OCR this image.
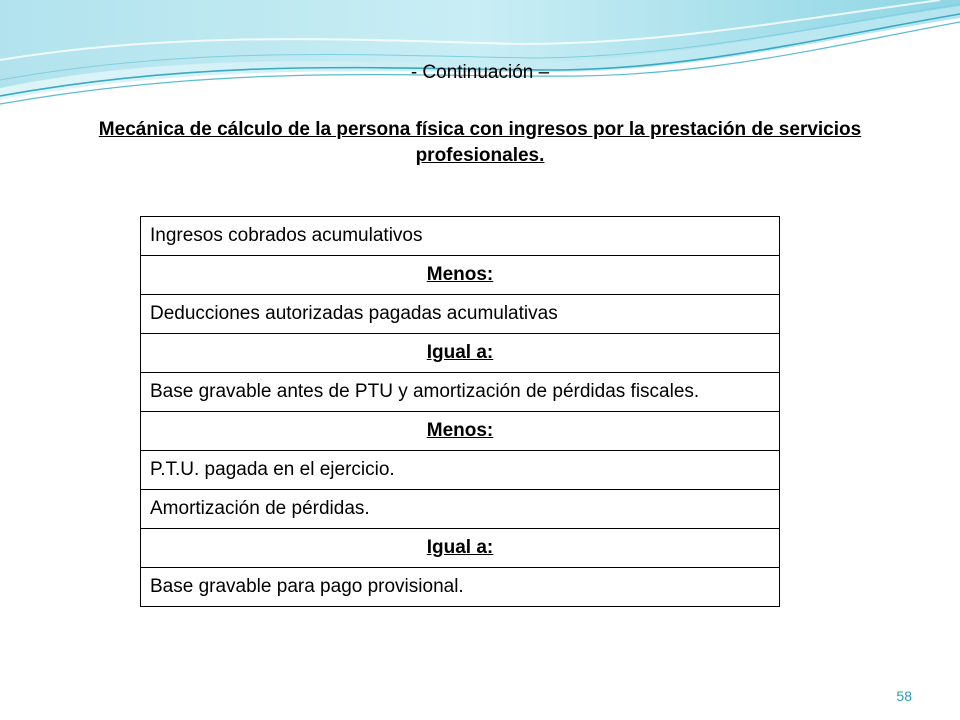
- Continuación –
Mecánica de cálculo de la persona física con ingresos por la prestación de servicios profesionales.
Ingresos cobrados acumulativos
Menos:
Deducciones autorizadas pagadas acumulativas
Igual a:
Base gravable antes de PTU y amortización de pérdidas fiscales.
Menos:
P.T.U. pagada en el ejercicio.
Amortización de pérdidas.
Igual a:
Base gravable para pago provisional.
58
